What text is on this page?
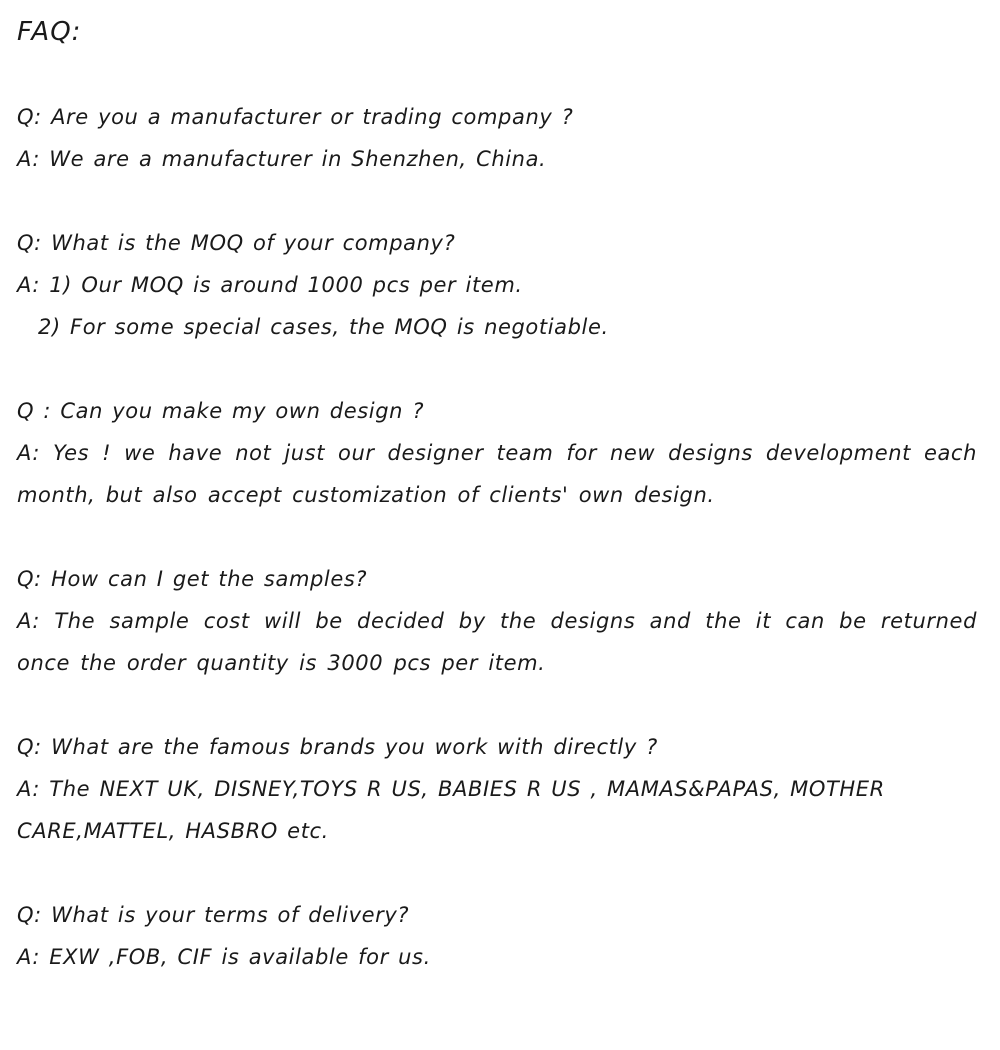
FAQ:
Q: Are you a manufacturer or trading company ?
A: We are a manufacturer in Shenzhen, China.
Q: What is the MOQ of your company?
A: 1) Our MOQ is around 1000 pcs per item.
2) For some special cases, the MOQ is negotiable.
Q : Can you make my own design ?
A: Yes ! we have not just our designer team for new designs development each month, but also accept customization of clients' own design.
Q: How can I get the samples?
A: The sample cost will be decided by the designs and the it can be returned once the order quantity is 3000 pcs per item.
Q: What are the famous brands you work with directly ?
A: The NEXT UK, DISNEY,TOYS R US, BABIES R US , MAMAS&PAPAS, MOTHER CARE,MATTEL, HASBRO etc.
Q: What is your terms of delivery?
A: EXW ,FOB, CIF is available for us.
